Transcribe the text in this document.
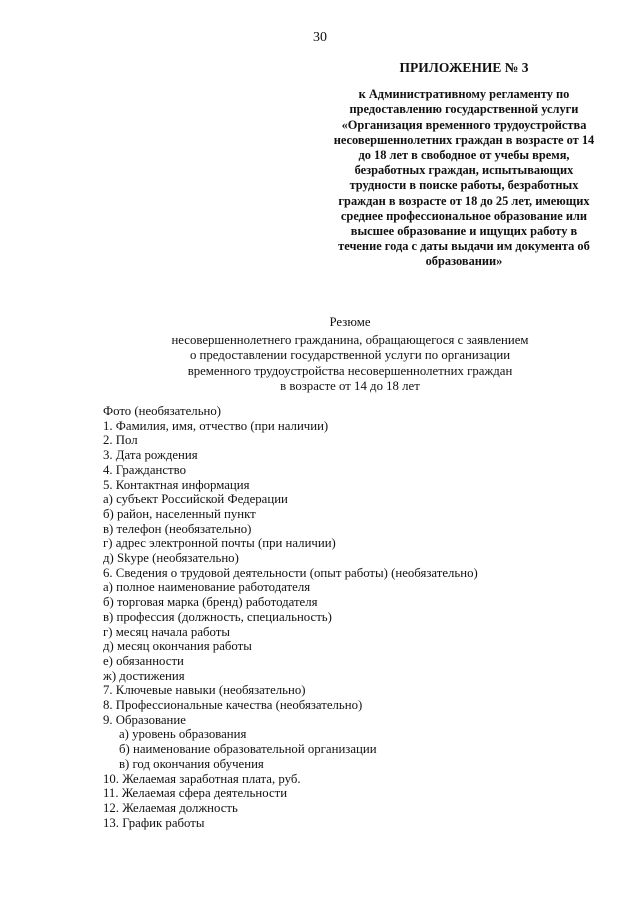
30
ПРИЛОЖЕНИЕ № 3
к Административному регламенту по
предоставлению государственной услуги
«Организация временного трудоустройства
несовершеннолетних граждан в возрасте от 14
до 18 лет в свободное от учебы время,
безработных граждан, испытывающих
трудности в поиске работы, безработных
граждан в возрасте от 18 до 25 лет, имеющих
среднее профессиональное образование или
высшее образование и ищущих работу в
течение года с даты выдачи им документа об
образовании»
Резюме
несовершеннолетнего гражданина, обращающегося с заявлением
о предоставлении государственной услуги по организации
временного трудоустройства несовершеннолетних граждан
в возрасте от 14 до 18 лет
Фото (необязательно)
1. Фамилия, имя, отчество (при наличии)
2. Пол
3. Дата рождения
4. Гражданство
5. Контактная информация
а) субъект Российской Федерации
б) район, населенный пункт
в) телефон (необязательно)
г) адрес электронной почты (при наличии)
д) Skype (необязательно)
6. Сведения о трудовой деятельности (опыт работы) (необязательно)
а) полное наименование работодателя
б) торговая марка (бренд) работодателя
в) профессия (должность, специальность)
г) месяц начала работы
д) месяц окончания работы
е) обязанности
ж) достижения
7. Ключевые навыки (необязательно)
8. Профессиональные качества (необязательно)
9. Образование
а) уровень образования
б) наименование образовательной организации
в) год окончания обучения
10. Желаемая заработная плата, руб.
11. Желаемая сфера деятельности
12. Желаемая должность
13. График работы
